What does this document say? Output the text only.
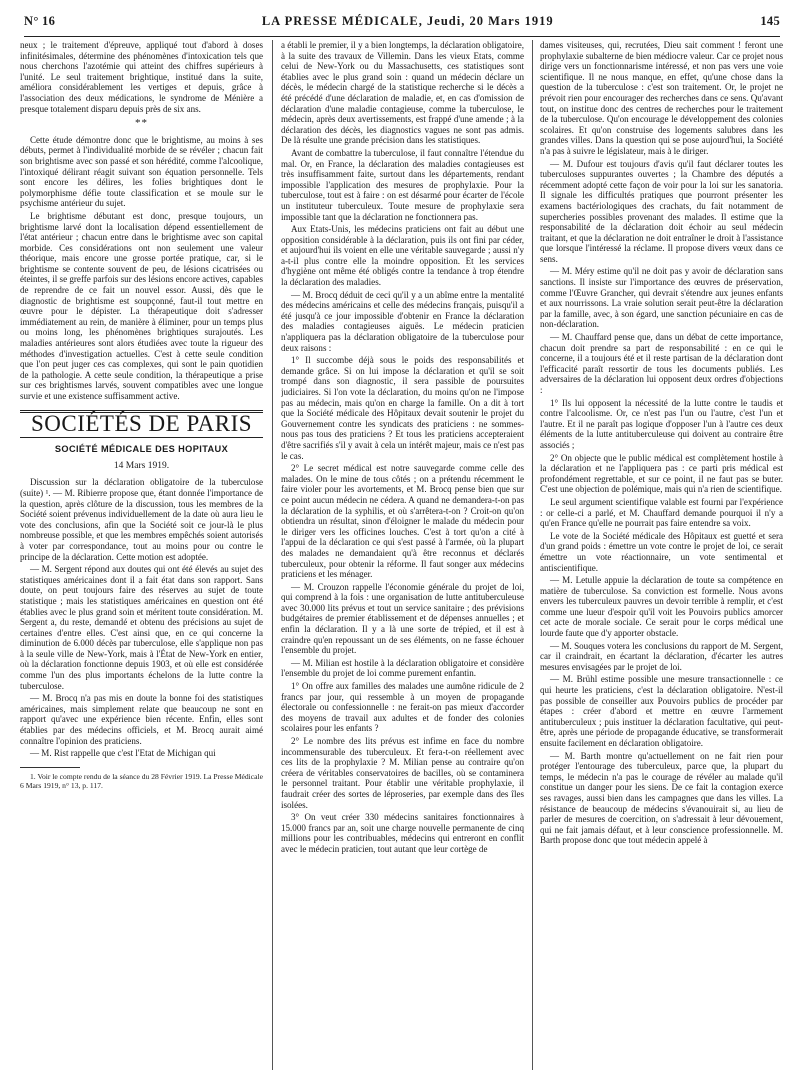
N° 16	LA PRESSE MÉDICALE, Jeudi, 20 Mars 1919	145

neux ; le traitement d'épreuve, appliqué tout d'abord à doses infinitésimales, détermine des phénomènes d'intoxication tels que nous cherchons l'azotémie qui atteint des chiffres supérieurs à l'unité. Le seul traitement brightique, institué dans la suite, améliora considérablement les vertiges et depuis, grâce à l'association des deux médications, le syndrome de Ménière a presque totalement disparu depuis près de six ans.

**

Cette étude démontre donc que le brightisme, au moins à ses débuts, permet à l'individualité morbide de se révéler ; chacun fait son brightisme avec son passé et son hérédité, comme l'alcoolique, l'intoxiqué délirant réagit suivant son équation personnelle. Tels sont encore les délires, les folies brightiques dont le polymorphisme défie toute classification et se moule sur le psychisme antérieur du sujet.

Le brightisme débutant est donc, presque toujours, un brightisme larvé dont la localisation dépend essentiellement de l'état antérieur ; chacun entre dans le brightisme avec son capital morbide. Ces considérations ont non seulement une valeur théorique, mais encore une grosse portée pratique, car, si le brightisme se contente souvent de peu, de lésions cicatrisées ou éteintes, il se greffe parfois sur des lésions encore actives, capables de reprendre de ce fait un nouvel essor. Aussi, dès que le diagnostic de brightisme est soupçonné, faut-il tout mettre en œuvre pour le dépister. La thérapeutique doit s'adresser immédiatement au rein, de manière à éliminer, pour un temps plus ou moins long, les phénomènes brightiques surajoutés. Les maladies antérieures sont alors étudiées avec toute la rigueur des méthodes d'investigation actuelles. C'est à cette seule condition que l'on peut juger ces cas complexes, qui sont le pain quotidien de la pathologie. A cette seule condition, la thérapeutique a prise sur ces brightismes larvés, souvent compatibles avec une longue survie et une existence suffisamment active.

SOCIÉTÉS DE PARIS
SOCIÉTÉ MÉDICALE DES HOPITAUX
14 Mars 1919.

Discussion sur la déclaration obligatoire de la tuberculose (suite) ¹. — M. Ribierre propose que, étant donnée l'importance de la question, après clôture de la discussion, tous les membres de la Société soient prévenus individuellement de la date où aura lieu le vote des conclusions, afin que la Société soit ce jour-là le plus nombreuse possible, et que les membres empêchés soient autorisés à voter par correspondance, tout au moins pour ou contre le principe de la déclaration. Cette motion est adoptée.

— M. Sergent répond aux doutes qui ont été élevés au sujet des statistiques américaines dont il a fait état dans son rapport. Sans doute, on peut toujours faire des réserves au sujet de toute statistique ; mais les statistiques américaines en question ont été établies avec le plus grand soin et méritent toute considération. M. Sergent a, du reste, demandé et obtenu des précisions au sujet de certaines d'entre elles. C'est ainsi que, en ce qui concerne la diminution de 6.000 décès par tuberculose, elle s'applique non pas à la seule ville de New-York, mais à l'État de New-York en entier, où la déclaration fonctionne depuis 1903, et où elle est considérée comme l'un des plus importants échelons de la lutte contre la tuberculose.

— M. Brocq n'a pas mis en doute la bonne foi des statistiques américaines, mais simplement relate que beaucoup ne sont en rapport qu'avec une expérience bien récente. Enfin, elles sont établies par des médecins officiels, et M. Brocq aurait aimé connaître l'opinion des praticiens.

— M. Rist rappelle que c'est l'Etat de Michigan qui

1. Voir le compte rendu de la séance du 28 Février 1919. La Presse Médicale 6 Mars 1919, n° 13, p. 117.

a établi le premier, il y a bien longtemps, la déclaration obligatoire, à la suite des travaux de Villemin. Dans les vieux Etats, comme celui de New-York ou du Massachusetts, ces statistiques sont établies avec le plus grand soin : quand un médecin déclare un décès, le médecin chargé de la statistique recherche si le décès a été précédé d'une déclaration de maladie, et, en cas d'omission de déclaration d'une maladie contagieuse, comme la tuberculose, le médecin, après deux avertissements, est frappé d'une amende ; à la déclaration des décès, les diagnostics vagues ne sont pas admis. De là résulte une grande précision dans les statistiques.

Avant de combattre la tuberculose, il faut connaître l'étendue du mal. Or, en France, la déclaration des maladies contagieuses est très insuffisamment faite, surtout dans les départements, rendant impossible l'application des mesures de prophylaxie. Pour la tuberculose, tout est à faire : on est désarmé pour écarter de l'école un instituteur tuberculeux. Toute mesure de prophylaxie sera impossible tant que la déclaration ne fonctionnera pas.

Aux Etats-Unis, les médecins praticiens ont fait au début une opposition considérable à la déclaration, puis ils ont fini par céder, et aujourd'hui ils voient en elle une véritable sauvegarde ; aussi n'y a-t-il plus contre elle la moindre opposition. Et les services d'hygiène ont même été obligés contre la tendance à trop étendre la déclaration des maladies.

— M. Brocq déduit de ceci qu'il y a un abîme entre la mentalité des médecins américains et celle des médecins français, puisqu'il a été jusqu'à ce jour impossible d'obtenir en France la déclaration des maladies contagieuses aiguës. Le médecin praticien n'appliquera pas la déclaration obligatoire de la tuberculose pour deux raisons :

1° Il succombe déjà sous le poids des responsabilités et demande grâce. Si on lui impose la déclaration et qu'il se soit trompé dans son diagnostic, il sera passible de poursuites judiciaires. Si l'on vote la déclaration, du moins qu'on ne l'impose pas au médecin, mais qu'on en charge la famille. On a dit à tort que la Société médicale des Hôpitaux devait soutenir le projet du Gouvernement contre les syndicats des praticiens : ne sommes-nous pas tous des praticiens ? Et tous les praticiens accepteraient d'être sacrifiés s'il y avait à cela un intérêt majeur, mais ce n'est pas le cas.

2° Le secret médical est notre sauvegarde comme celle des malades. On le mine de tous côtés ; on a prétendu récemment le faire violer pour les avortements, et M. Brocq pense bien que sur ce point aucun médecin ne cédera. A quand ne demandera-t-on pas la déclaration de la syphilis, et où s'arrêtera-t-on ? Croit-on qu'on obtiendra un résultat, sinon d'éloigner le malade du médecin pour le diriger vers les officines louches. C'est à tort qu'on a cité à l'appui de la déclaration ce qui s'est passé à l'armée, où la plupart des malades ne demandaient qu'à être reconnus et déclarés tuberculeux, pour obtenir la réforme. Il faut songer aux médecins praticiens et les ménager.

— M. Crouzon rappelle l'économie générale du projet de loi, qui comprend à la fois : une organisation de lutte antituberculeuse avec 30.000 lits prévus et tout un service sanitaire ; des prévisions budgétaires de premier établissement et de dépenses annuelles ; et enfin la déclaration. Il y a là une sorte de trépied, et il est à craindre qu'en repoussant un de ses éléments, on ne fasse échouer l'ensemble du projet.

— M. Milian est hostile à la déclaration obligatoire et considère l'ensemble du projet de loi comme purement enfantin.

1° On offre aux familles des malades une aumône ridicule de 2 francs par jour, qui ressemble à un moyen de propagande électorale ou confessionnelle : ne ferait-on pas mieux d'accorder des moyens de travail aux adultes et de fonder des colonies scolaires pour les enfants ?

2° Le nombre des lits prévus est infime en face du nombre incommensurable des tuberculeux. Et fera-t-on réellement avec ces lits de la prophylaxie ? M. Milian pense au contraire qu'on créera de véritables conservatoires de bacilles, où se contaminera le personnel traitant. Pour établir une véritable prophylaxie, il faudrait créer des sortes de léproseries, par exemple dans des îles isolées.

3° On veut créer 330 médecins sanitaires fonctionnaires à 15.000 francs par an, soit une charge nouvelle permanente de cinq millions pour les contribuables, médecins qui entreront en conflit avec le médecin praticien, tout autant que leur cortège de

dames visiteuses, qui, recrutées, Dieu sait comment ! feront une prophylaxie subalterne de bien médiocre valeur. Car ce projet nous dirige vers un fonctionnarisme intéressé, et non pas vers une voie scientifique. Il ne nous manque, en effet, qu'une chose dans la question de la tuberculose : c'est son traitement. Or, le projet ne prévoit rien pour encourager des recherches dans ce sens. Qu'avant tout, on institue donc des centres de recherches pour le traitement de la tuberculose. Qu'on encourage le développement des colonies scolaires. Et qu'on construise des logements salubres dans les grandes villes. Dans la question qui se pose aujourd'hui, la Société n'a pas à suivre le législateur, mais à le diriger.

— M. Dufour est toujours d'avis qu'il faut déclarer toutes les tuberculoses suppurantes ouvertes ; la Chambre des députés a récemment adopté cette façon de voir pour la loi sur les sanatoria. Il signale les difficultés pratiques que pourront présenter les examens bactériologiques des crachats, du fait notamment de supercheries possibles provenant des malades. Il estime que la responsabilité de la déclaration doit échoir au seul médecin traitant, et que la déclaration ne doit entraîner le droit à l'assistance que lorsque l'intéressé la réclame. Il propose divers vœux dans ce sens.

— M. Méry estime qu'il ne doit pas y avoir de déclaration sans sanctions. Il insiste sur l'importance des œuvres de préservation, comme l'Œuvre Grancher, qui devrait s'étendre aux jeunes enfants et aux nourrissons. La vraie solution serait peut-être la déclaration par la famille, avec, à son égard, une sanction pécuniaire en cas de non-déclaration.

— M. Chauffard pense que, dans un débat de cette importance, chacun doit prendre sa part de responsabilité : en ce qui le concerne, il a toujours été et il reste partisan de la déclaration dont l'efficacité paraît ressortir de tous les documents publiés. Les adversaires de la déclaration lui opposent deux ordres d'objections :

1° Ils lui opposent la nécessité de la lutte contre le taudis et contre l'alcoolisme. Or, ce n'est pas l'un ou l'autre, c'est l'un et l'autre. Et il ne paraît pas logique d'opposer l'un à l'autre ces deux éléments de la lutte antituberculeuse qui doivent au contraire être associés ;

2° On objecte que le public médical est complètement hostile à la déclaration et ne l'appliquera pas : ce parti pris médical est profondément regrettable, et sur ce point, il ne faut pas se buter. C'est une objection de polémique, mais qui n'a rien de scientifique.

Le seul argument scientifique valable est fourni par l'expérience : or celle-ci a parlé, et M. Chauffard demande pourquoi il n'y a qu'en France qu'elle ne pourrait pas faire entendre sa voix.

Le vote de la Société médicale des Hôpitaux est guetté et sera d'un grand poids : émettre un vote contre le projet de loi, ce serait émettre un vote réactionnaire, un vote sentimental et antiscientifique.

— M. Letulle appuie la déclaration de toute sa compétence en matière de tuberculose. Sa conviction est formelle. Nous avons envers les tuberculeux pauvres un devoir terrible à remplir, et c'est comme une lueur d'espoir qu'il voit les Pouvoirs publics amorcer cet acte de morale sociale. Ce serait pour le corps médical une lourde faute que d'y apporter obstacle.

— M. Souques votera les conclusions du rapport de M. Sergent, car il craindrait, en écartant la déclaration, d'écarter les autres mesures envisagées par le projet de loi.

— M. Brühl estime possible une mesure transactionnelle : ce qui heurte les praticiens, c'est la déclaration obligatoire. N'est-il pas possible de conseiller aux Pouvoirs publics de procéder par étapes : créer d'abord et mettre en œuvre l'armement antituberculeux ; puis instituer la déclaration facultative, qui peut-être, après une période de propagande éducative, se transformerait ensuite facilement en déclaration obligatoire.

— M. Barth montre qu'actuellement on ne fait rien pour protéger l'entourage des tuberculeux, parce que, la plupart du temps, le médecin n'a pas le courage de révéler au malade qu'il constitue un danger pour les siens. De ce fait la contagion exerce ses ravages, aussi bien dans les campagnes que dans les villes. La résistance de beaucoup de médecins s'évanouirait si, au lieu de parler de mesures de coercition, on s'adressait à leur dévouement, qui ne fait jamais défaut, et à leur conscience professionnelle. M. Barth propose donc que tout médecin appelé à
